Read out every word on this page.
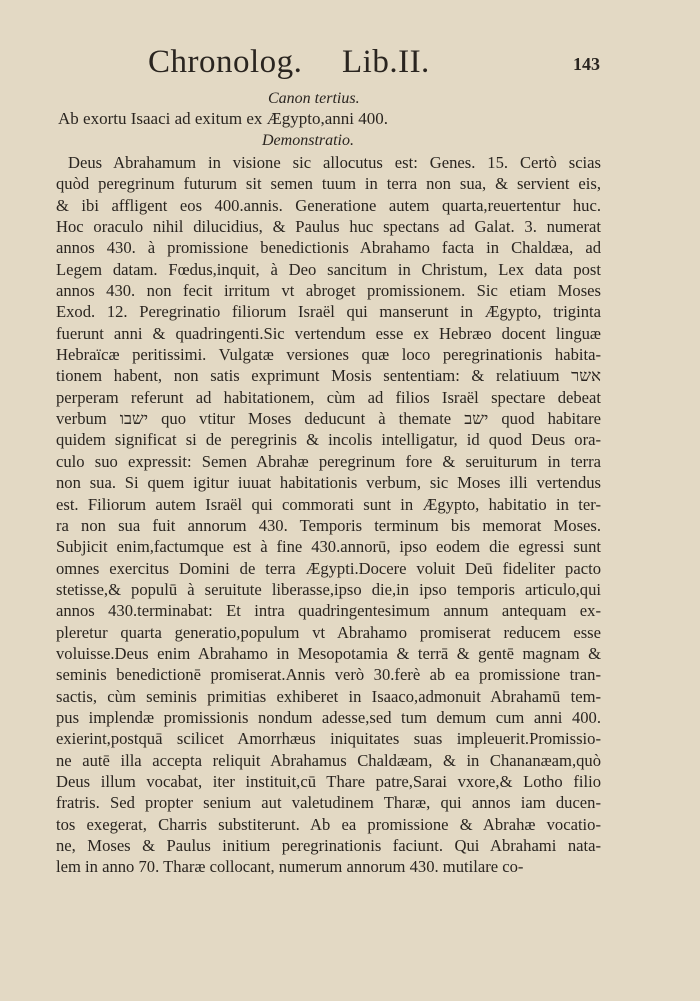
Chronolog. Lib.II.	143
Canon tertius.
Ab exortu Isaaci ad exitum ex Ægypto,anni 400.
Demonstratio.
Deus Abrahamum in visione sic allocutus est: Genes. 15. Certò scias
quòd peregrinum futurum sit semen tuum in terra non sua, & servient eis,
& ibi affligent eos 400.annis. Generatione autem quarta,reuertentur huc.
Hoc oraculo nihil dilucidius, & Paulus huc spectans ad Galat. 3. numerat
annos 430. à promissione benedictionis Abrahamo facta in Chaldæa, ad
Legem datam. Fœdus,inquit, à Deo sancitum in Christum, Lex data post
annos 430. non fecit irritum vt abroget promissionem. Sic etiam Moses
Exod. 12. Peregrinatio filiorum Israël qui manserunt in Ægypto, triginta
fuerunt anni & quadringenti.Sic vertendum esse ex Hebræo docent linguæ
Hebraïcæ peritissimi. Vulgatæ versiones quæ loco peregrinationis habita-
tionem habent, non satis exprimunt Mosis sententiam: & relatiuum אשר
perperam referunt ad habitationem, cùm ad filios Israël spectare debeat
verbum ישבו quo vtitur Moses deducunt à themate ישב quod habitare
quidem significat si de peregrinis & incolis intelligatur, id quod Deus ora-
culo suo expressit: Semen Abrahæ peregrinum fore & seruiturum in terra
non sua. Si quem igitur iuuat habitationis verbum, sic Moses illi vertendus
est. Filiorum autem Israël qui commorati sunt in Ægypto, habitatio in ter-
ra non sua fuit annorum 430. Temporis terminum bis memorat Moses.
Subjicit enim,factumque est à fine 430.annorū, ipso eodem die egressi sunt
omnes exercitus Domini de terra Ægypti.Docere voluit Deū fideliter pacto
stetisse,& populū à seruitute liberasse,ipso die,in ipso temporis articulo,qui
annos 430.terminabat: Et intra quadringentesimum annum antequam ex-
pleretur quarta generatio,populum vt Abrahamo promiserat reducem esse
voluisse.Deus enim Abrahamo in Mesopotamia & terrā & gentē magnam &
seminis benedictionē promiserat.Annis verò 30.ferè ab ea promissione tran-
sactis, cùm seminis primitias exhiberet in Isaaco,admonuit Abrahamū tem-
pus implendæ promissionis nondum adesse,sed tum demum cum anni 400.
exierint,postquā scilicet Amorrhæus iniquitates suas impleuerit.Promissio-
ne autē illa accepta reliquit Abrahamus Chaldæam, & in Chananæam,quò
Deus illum vocabat, iter instituit,cū Thare patre,Sarai vxore,& Lotho filio
fratris. Sed propter senium aut valetudinem Tharæ, qui annos iam ducen-
tos exegerat, Charris substiterunt. Ab ea promissione & Abrahæ vocatio-
ne, Moses & Paulus initium peregrinationis faciunt. Qui Abrahami nata-
lem in anno 70. Tharæ collocant, numerum annorum 430. mutilare co-
